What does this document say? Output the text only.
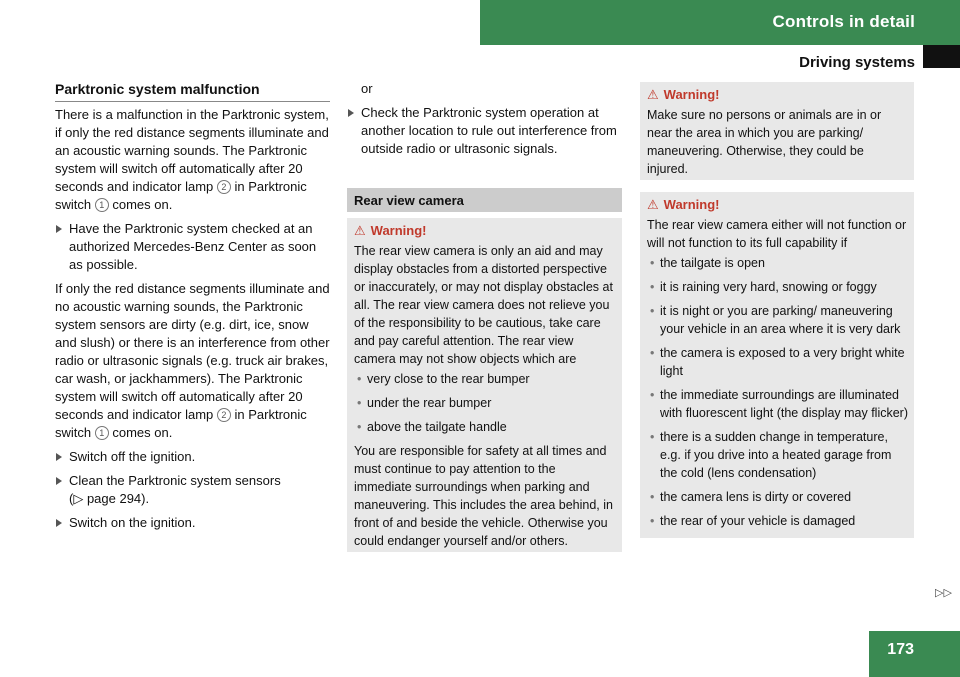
Controls in detail
Driving systems
Parktronic system malfunction

There is a malfunction in the Parktronic system, if only the red distance segments illuminate and an acoustic warning sounds. The Parktronic system will switch off automatically after 20 seconds and indicator lamp 2 in Parktronic switch 1 comes on.

Have the Parktronic system checked at an authorized Mercedes-Benz Center as soon as possible.

If only the red distance segments illuminate and no acoustic warning sounds, the Parktronic system sensors are dirty (e.g. dirt, ice, snow and slush) or there is an interference from other radio or ultrasonic signals (e.g. truck air brakes, car wash, or jackhammers). The Parktronic system will switch off automatically after 20 seconds and indicator lamp 2 in Parktronic switch 1 comes on.

Switch off the ignition.
Clean the Parktronic system sensors
(▷ page 294).
Switch on the ignition.
or
Check the Parktronic system operation at another location to rule out interference from outside radio or ultrasonic signals.
Rear view camera
⚠ Warning!
The rear view camera is only an aid and may display obstacles from a distorted perspective or inaccurately, or may not display obstacles at all. The rear view camera does not relieve you of the responsibility to be cautious, take care and pay careful attention. The rear view camera may not show objects which are
• very close to the rear bumper
• under the rear bumper
• above the tailgate handle
You are responsible for safety at all times and must continue to pay attention to the immediate surroundings when parking and maneuvering. This includes the area behind, in front of and beside the vehicle. Otherwise you could endanger yourself and/or others.
⚠ Warning!
Make sure no persons or animals are in or near the area in which you are parking/ maneuvering. Otherwise, they could be injured.
⚠ Warning!
The rear view camera either will not function or will not function to its full capability if
• the tailgate is open
• it is raining very hard, snowing or foggy
• it is night or you are parking/ maneuvering your vehicle in an area where it is very dark
• the camera is exposed to a very bright white light
• the immediate surroundings are illuminated with fluorescent light (the display may flicker)
• there is a sudden change in temperature, e.g. if you drive into a heated garage from the cold (lens condensation)
• the camera lens is dirty or covered
• the rear of your vehicle is damaged
▷▷
173
